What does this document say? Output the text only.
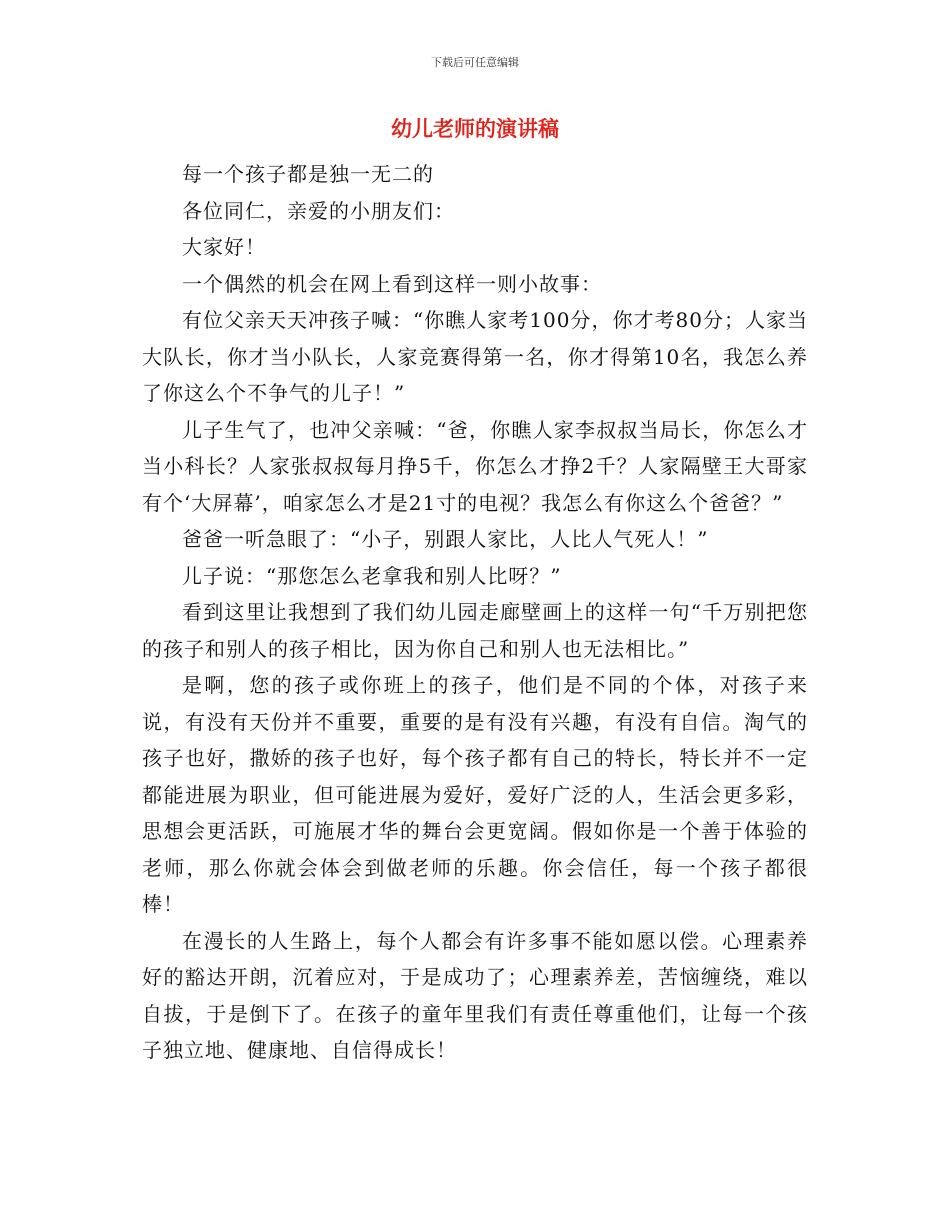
下载后可任意编辑
幼儿老师的演讲稿

每一个孩子都是独一无二的

各位同仁，亲爱的小朋友们：

大家好！

一个偶然的机会在网上看到这样一则小故事：

有位父亲天天冲孩子喊：“你瞧人家考100分，你才考80分；人家当大队长，你才当小队长，人家竞赛得第一名，你才得第10名，我怎么养了你这么个不争气的儿子！”

儿子生气了，也冲父亲喊：“爸，你瞧人家李叔叔当局长，你怎么才当小科长？人家张叔叔每月挣5千，你怎么才挣2千？人家隔壁王大哥家有个‘大屏幕’，咱家怎么才是21寸的电视？我怎么有你这么个爸爸？”

爸爸一听急眼了：“小子，别跟人家比，人比人气死人！”

儿子说：“那您怎么老拿我和别人比呀？”

看到这里让我想到了我们幼儿园走廊壁画上的这样一句“千万别把您的孩子和别人的孩子相比，因为你自己和别人也无法相比。”

是啊，您的孩子或你班上的孩子，他们是不同的个体，对孩子来说，有没有天份并不重要，重要的是有没有兴趣，有没有自信。淘气的孩子也好，撒娇的孩子也好，每个孩子都有自己的特长，特长并不一定都能进展为职业，但可能进展为爱好，爱好广泛的人，生活会更多彩，思想会更活跃，可施展才华的舞台会更宽阔。假如你是一个善于体验的老师，那么你就会体会到做老师的乐趣。你会信任，每一个孩子都很棒！

在漫长的人生路上，每个人都会有许多事不能如愿以偿。心理素养好的豁达开朗，沉着应对，于是成功了；心理素养差，苦恼缠绕，难以自拔，于是倒下了。在孩子的童年里我们有责任尊重他们，让每一个孩子独立地、健康地、自信得成长！
